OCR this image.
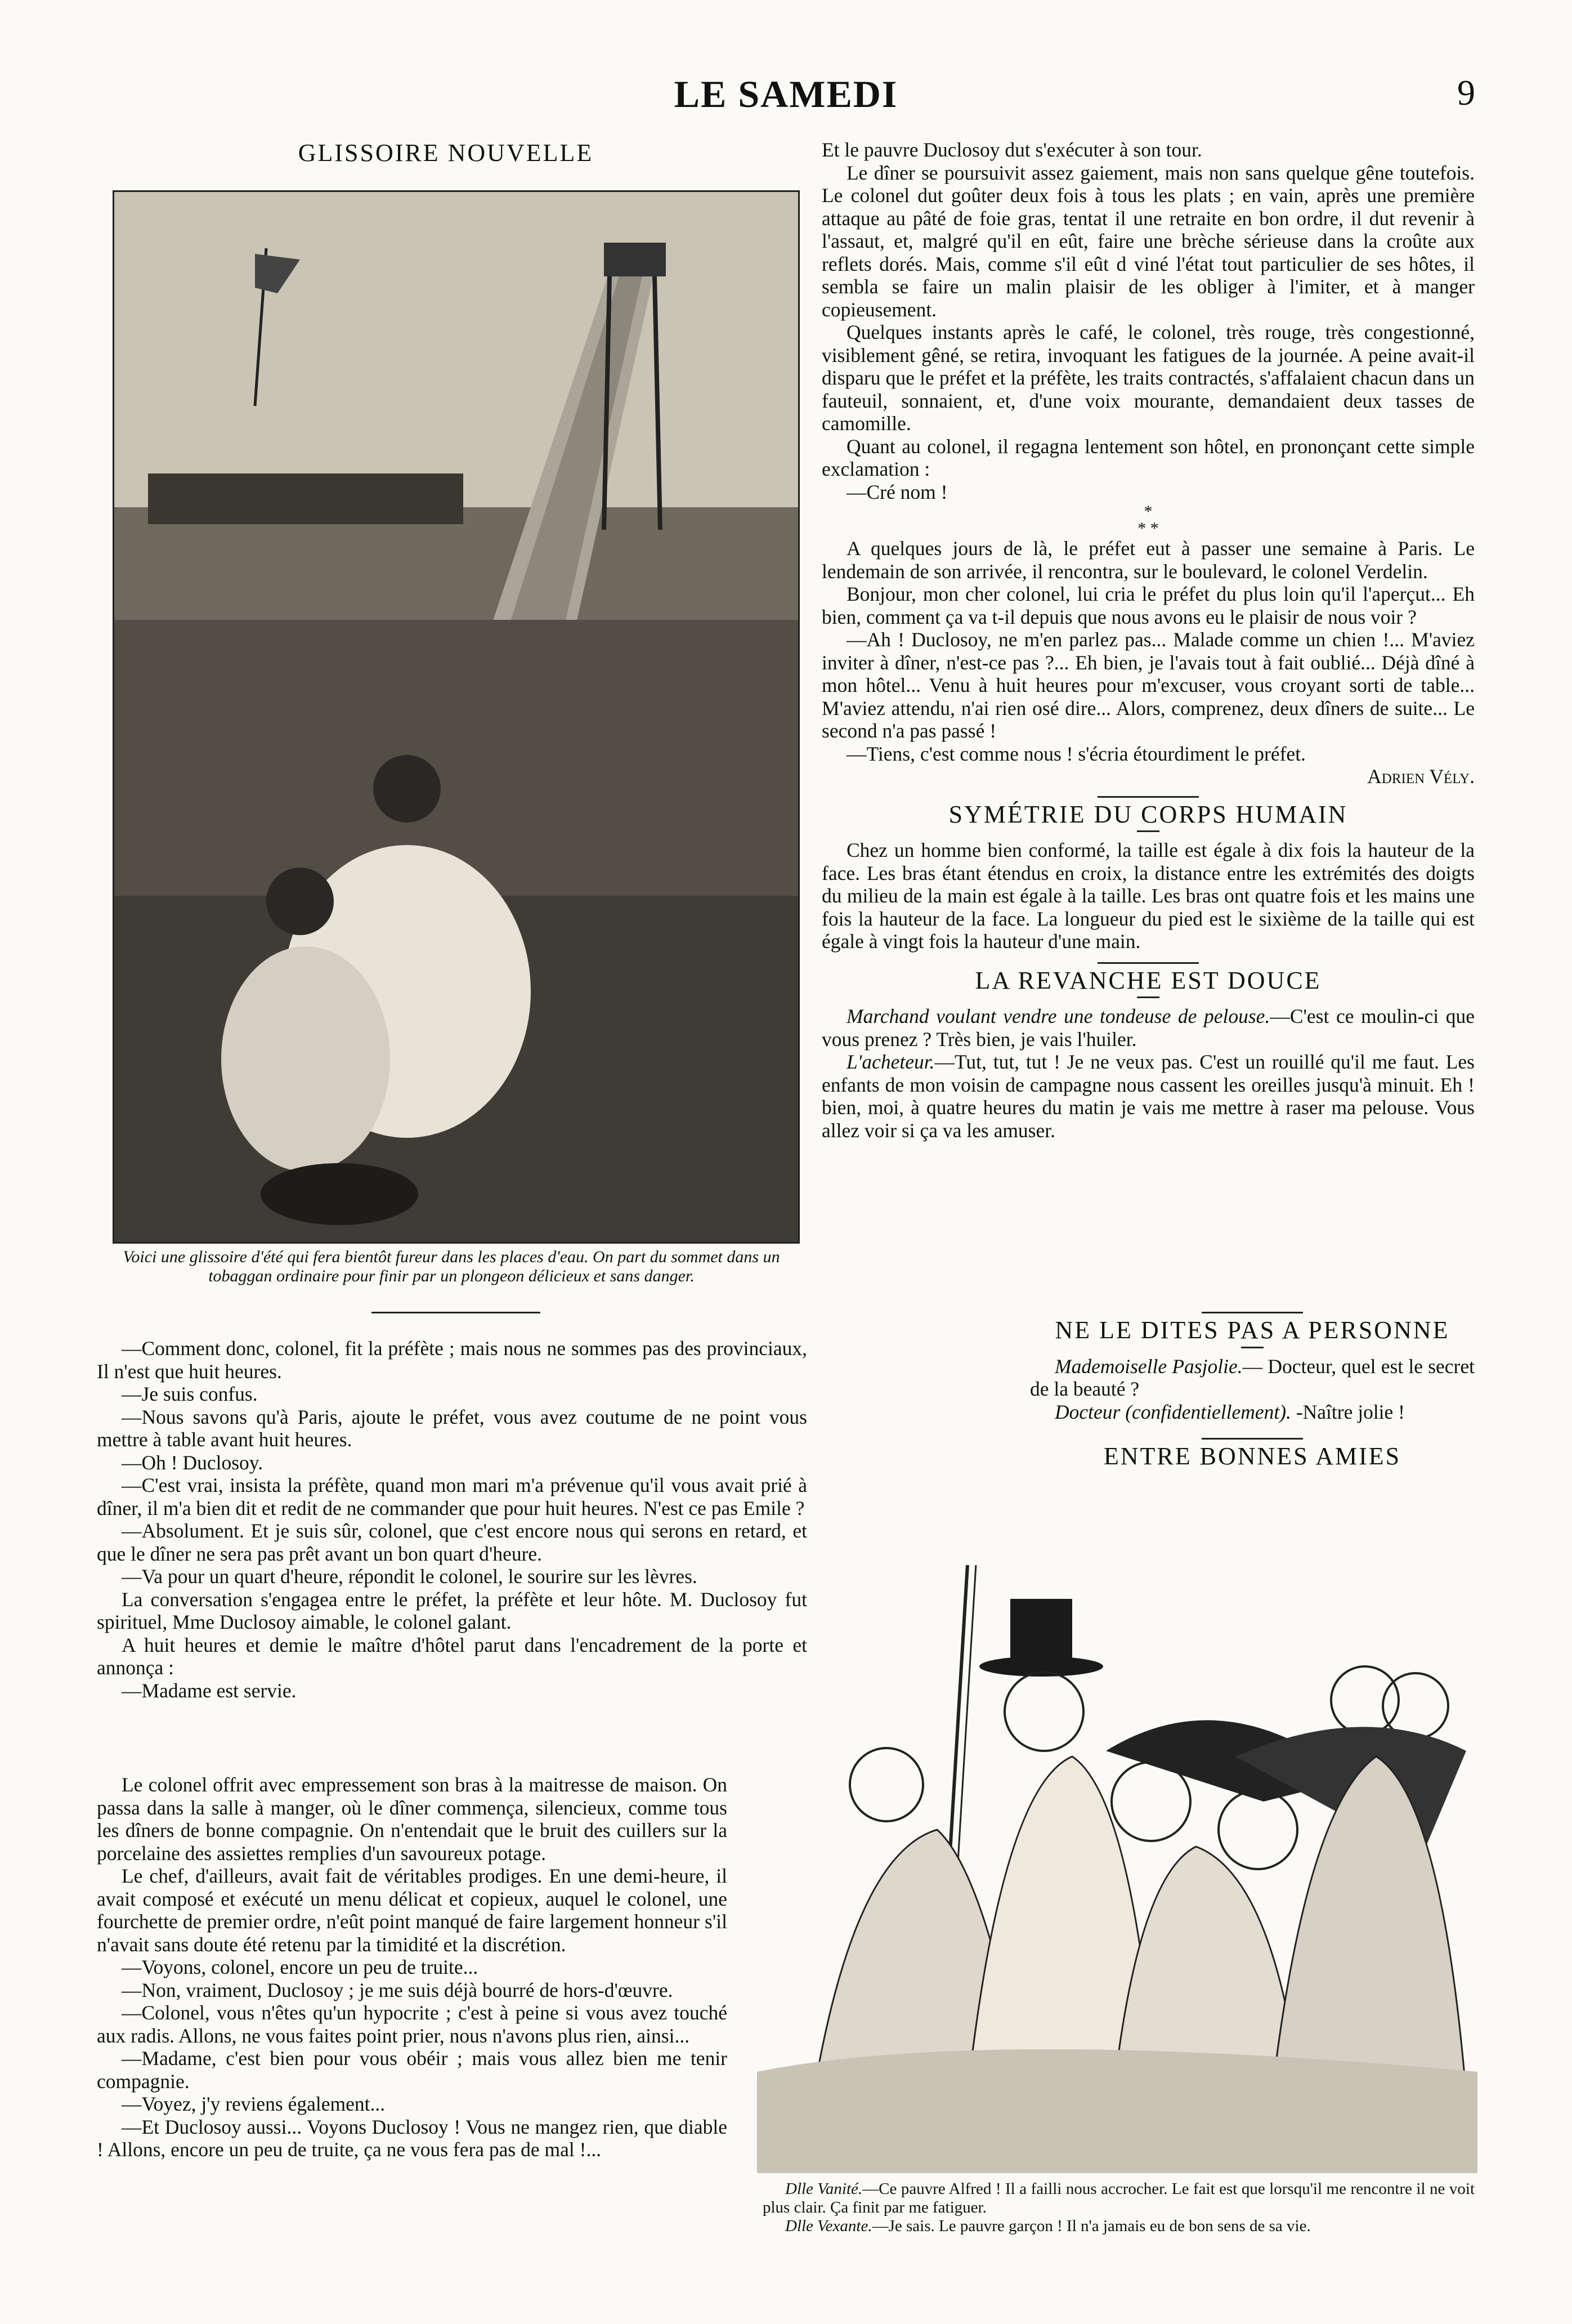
LE SAMEDI	9
GLISSOIRE NOUVELLE
Voici une glissoire d'été qui fera bientôt fureur dans les places d'eau. On part du sommet dans un tobaggan ordinaire pour finir par un plongeon délicieux et sans danger.

Et le pauvre Duclosoy dut s'exécuter à son tour.

Le dîner se poursuivit assez gaiement, mais non sans quelque gêne toutefois. Le colonel dut goûter deux fois à tous les plats ; en vain, après une première attaque au pâté de foie gras, tentat il une retraite en bon ordre, il dut revenir à l'assaut, et, malgré qu'il en eût, faire une brèche sérieuse dans la croûte aux reflets dorés. Mais, comme s'il eût d viné l'état tout particulier de ses hôtes, il sembla se faire un malin plaisir de les obliger à l'imiter, et à manger copieusement.

Quelques instants après le café, le colonel, très rouge, très congestionné, visiblement gêné, se retira, invoquant les fatigues de la journée. A peine avait-il disparu que le préfet et la préfète, les traits contractés, s'affalaient chacun dans un fauteuil, sonnaient, et, d'une voix mourante, demandaient deux tasses de camomille.

Quant au colonel, il regagna lentement son hôtel, en prononçant cette simple exclamation :

—Cré nom !

*
* *

A quelques jours de là, le préfet eut à passer une semaine à Paris. Le lendemain de son arrivée, il rencontra, sur le boulevard, le colonel Verdelin.

Bonjour, mon cher colonel, lui cria le préfet du plus loin qu'il l'aperçut... Eh bien, comment ça va t-il depuis que nous avons eu le plaisir de nous voir ?

—Ah ! Duclosoy, ne m'en parlez pas... Malade comme un chien !... M'aviez inviter à dîner, n'est-ce pas ?... Eh bien, je l'avais tout à fait oublié... Déjà dîné à mon hôtel... Venu à huit heures pour m'excuser, vous croyant sorti de table... M'aviez attendu, n'ai rien osé dire... Alors, comprenez, deux dîners de suite... Le second n'a pas passé !

—Tiens, c'est comme nous ! s'écria étourdiment le préfet.

Adrien Vély.

SYMÉTRIE DU CORPS HUMAIN

Chez un homme bien conformé, la taille est égale à dix fois la hauteur de la face. Les bras étant étendus en croix, la distance entre les extrémités des doigts du milieu de la main est égale à la taille. Les bras ont quatre fois et les mains une fois la hauteur de la face. La longueur du pied est le sixième de la taille qui est égale à vingt fois la hauteur d'une main.

LA REVANCHE EST DOUCE

Marchand voulant vendre une tondeuse de pelouse.—C'est ce moulin-ci que vous prenez ? Très bien, je vais l'huiler.

L'acheteur.—Tut, tut, tut ! Je ne veux pas. C'est un rouillé qu'il me faut. Les enfants de mon voisin de campagne nous cassent les oreilles jusqu'à minuit. Eh ! bien, moi, à quatre heures du matin je vais me mettre à raser ma pelouse. Vous allez voir si ça va les amuser.

NE LE DITES PAS A PERSONNE

Mademoiselle Pasjolie.— Docteur, quel est le secret de la beauté ?

Docteur (confidentiellement). -Naître jolie !

ENTRE BONNES AMIES

Dlle Vanité.—Ce pauvre Alfred ! Il a failli nous accrocher. Le fait est que lorsqu'il me rencontre il ne voit plus clair. Ça finit par me fatiguer.
Dlle Vexante.—Je sais. Le pauvre garçon ! Il n'a jamais eu de bon sens de sa vie.

—Comment donc, colonel, fit la préfète ; mais nous ne sommes pas des provinciaux, Il n'est que huit heures.

—Je suis confus.

—Nous savons qu'à Paris, ajoute le préfet, vous avez coutume de ne point vous mettre à table avant huit heures.

—Oh ! Duclosoy.

—C'est vrai, insista la préfète, quand mon mari m'a prévenue qu'il vous avait prié à dîner, il m'a bien dit et redit de ne commander que pour huit heures. N'est ce pas Emile ?

—Absolument. Et je suis sûr, colonel, que c'est encore nous qui serons en retard, et que le dîner ne sera pas prêt avant un bon quart d'heure.

—Va pour un quart d'heure, répondit le colonel, le sourire sur les lèvres.

La conversation s'engagea entre le préfet, la préfète et leur hôte. M. Duclosoy fut spirituel, Mme Duclosoy aimable, le colonel galant.

A huit heures et demie le maître d'hôtel parut dans l'encadrement de la porte et annonça :

—Madame est servie.

Le colonel offrit avec empressement son bras à la maitresse de maison. On passa dans la salle à manger, où le dîner commença, silencieux, comme tous les dîners de bonne compagnie. On n'entendait que le bruit des cuillers sur la porcelaine des assiettes remplies d'un savoureux potage.

Le chef, d'ailleurs, avait fait de véritables prodiges. En une demi-heure, il avait composé et exécuté un menu délicat et copieux, auquel le colonel, une fourchette de premier ordre, n'eût point manqué de faire largement honneur s'il n'avait sans doute été retenu par la timidité et la discrétion.

—Voyons, colonel, encore un peu de truite...

—Non, vraiment, Duclosoy ; je me suis déjà bourré de hors-d'œuvre.

—Colonel, vous n'êtes qu'un hypocrite ; c'est à peine si vous avez touché aux radis. Allons, ne vous faites point prier, nous n'avons plus rien, ainsi...

—Madame, c'est bien pour vous obéir ; mais vous allez bien me tenir compagnie.

—Voyez, j'y reviens également...

—Et Duclosoy aussi... Voyons Duclosoy ! Vous ne mangez rien, que diable ! Allons, encore un peu de truite, ça ne vous fera pas de mal !...
